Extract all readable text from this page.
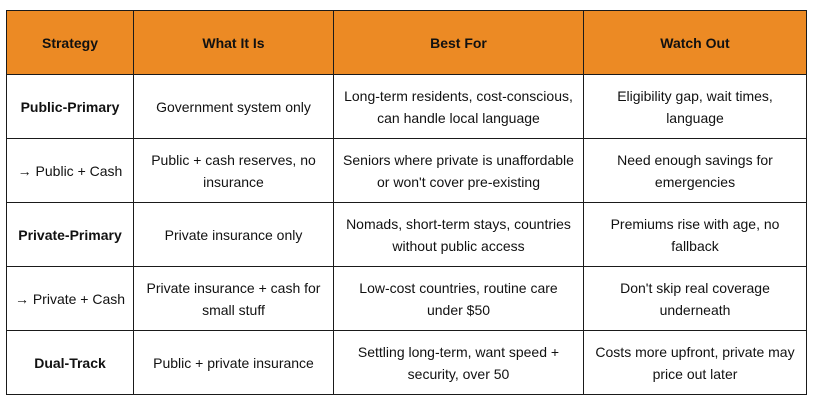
Strategy	What It Is	Best For	Watch Out
Public-Primary	Government system only	Long-term residents, cost-conscious, can handle local language	Eligibility gap, wait times, language
→ Public + Cash	Public + cash reserves, no insurance	Seniors where private is unaffordable or won't cover pre-existing	Need enough savings for emergencies
Private-Primary	Private insurance only	Nomads, short-term stays, countries without public access	Premiums rise with age, no fallback
→ Private + Cash	Private insurance + cash for small stuff	Low-cost countries, routine care under $50	Don't skip real coverage underneath
Dual-Track	Public + private insurance	Settling long-term, want speed + security, over 50	Costs more upfront, private may price out later
